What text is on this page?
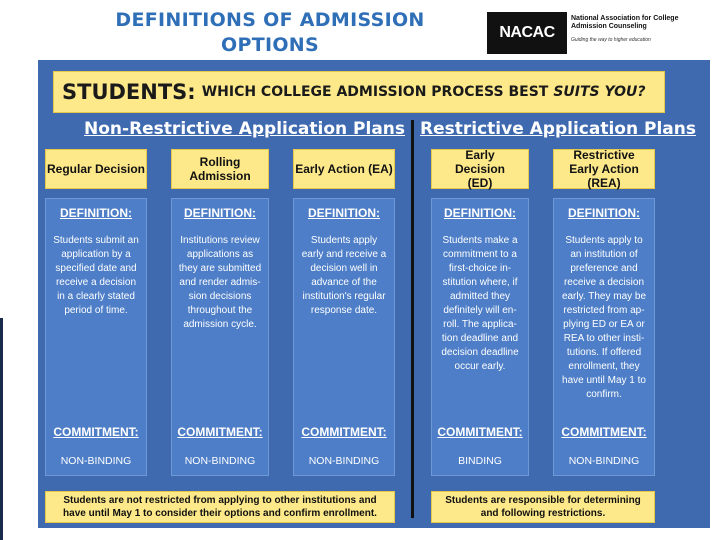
DEFINITIONS OF ADMISSION OPTIONS
NACAC
National Association for College Admission Counseling
Guiding the way to higher education
STUDENTS: WHICH COLLEGE ADMISSION PROCESS BEST SUITS YOU?
Non-Restrictive Application Plans Restrictive Application Plans
Regular Decision	Rolling Admission	Early Action (EA)
Early Decision (ED)
Restrictive Early Action (REA)
DEFINITION:
Students submit an application by a specified date and receive a decision in a clearly stated period of time.
COMMITMENT:
NON-BINDING
DEFINITION:
Institutions review applications as they are submitted and render admis-sion decisions throughout the admission cycle.
COMMITMENT:
NON-BINDING
DEFINITION:
Students apply early and receive a decision well in advance of the institution's regular response date.
COMMITMENT:
NON-BINDING
DEFINITION:
Students make a commitment to a first-choice in-stitution where, if admitted they definitely will en-roll. The applica-tion deadline and decision deadline occur early.
COMMITMENT:
BINDING
DEFINITION:
Students apply to an institution of preference and receive a decision early. They may be restricted from ap-plying ED or EA or REA to other insti-tutions. If offered enrollment, they have until May 1 to confirm.
COMMITMENT:
NON-BINDING
Students are not restricted from applying to other institutions and have until May 1 to consider their options and confirm enrollment.
Students are responsible for determining and following restrictions.
